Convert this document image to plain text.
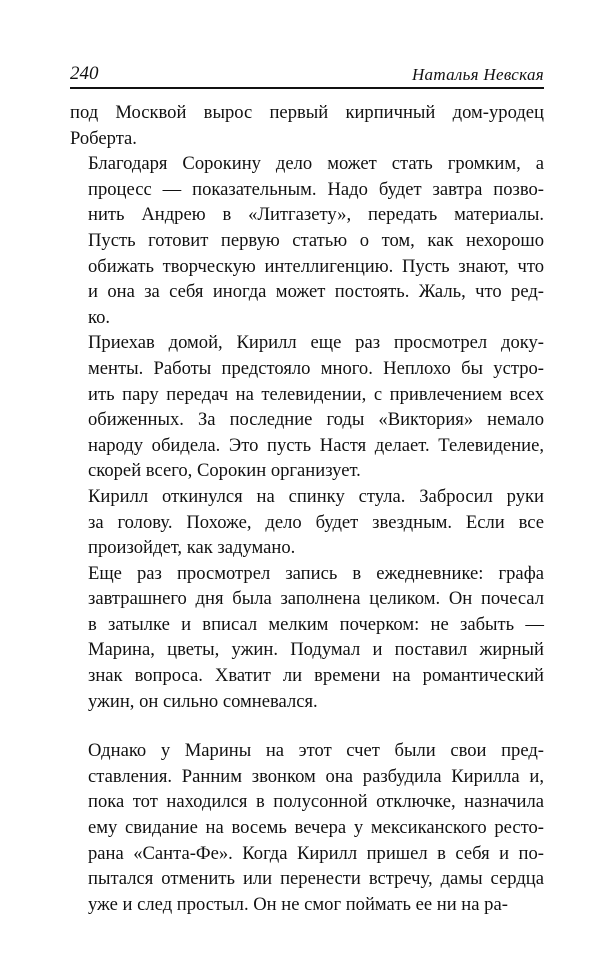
240	Наталья Невская
под Москвой вырос первый кирпичный дом-уродец
Роберта.
Благодаря Сорокину дело может стать громким, а
процесс — показательным. Надо будет завтра позво-
нить Андрею в «Литгазету», передать материалы.
Пусть готовит первую статью о том, как нехорошо
обижать творческую интеллигенцию. Пусть знают, что
и она за себя иногда может постоять. Жаль, что ред-
ко.
Приехав домой, Кирилл еще раз просмотрел доку-
менты. Работы предстояло много. Неплохо бы устро-
ить пару передач на телевидении, с привлечением всех
обиженных. За последние годы «Виктория» немало
народу обидела. Это пусть Настя делает. Телевидение,
скорей всего, Сорокин организует.
Кирилл откинулся на спинку стула. Забросил руки
за голову. Похоже, дело будет звездным. Если все
произойдет, как задумано.
Еще раз просмотрел запись в ежедневнике: графа
завтрашнего дня была заполнена целиком. Он почесал
в затылке и вписал мелким почерком: не забыть —
Марина, цветы, ужин. Подумал и поставил жирный
знак вопроса. Хватит ли времени на романтический
ужин, он сильно сомневался.
Однако у Марины на этот счет были свои пред-
ставления. Ранним звонком она разбудила Кирилла и,
пока тот находился в полусонной отключке, назначила
ему свидание на восемь вечера у мексиканского ресто-
рана «Санта-Фе». Когда Кирилл пришел в себя и по-
пытался отменить или перенести встречу, дамы сердца
уже и след простыл. Он не смог поймать ее ни на ра-
